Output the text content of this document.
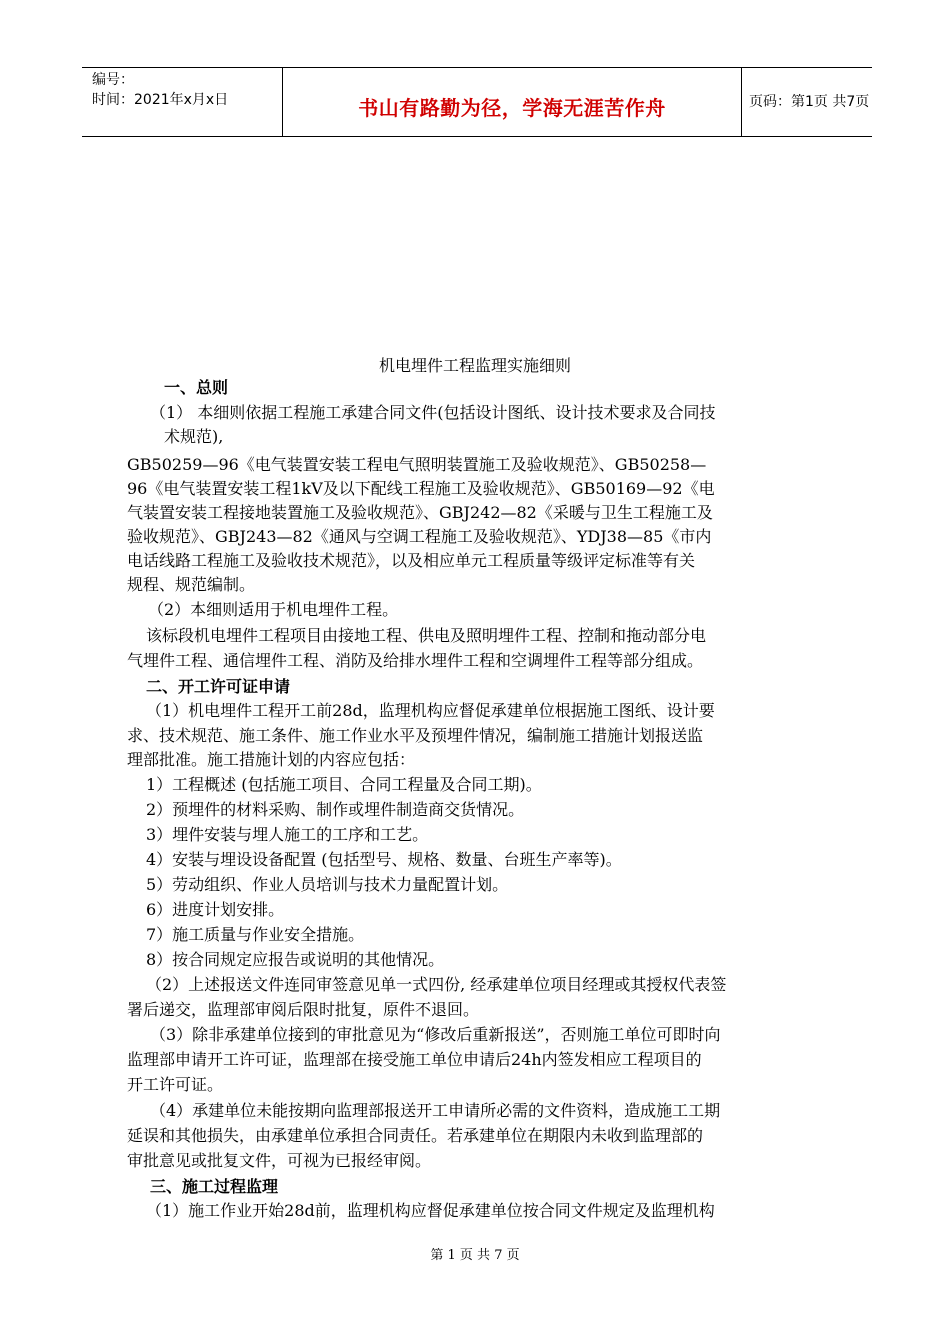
编号：
时间：2021年x月x日	书山有路勤为径，学海无涯苦作舟	页码：第1页 共7页
机电埋件工程监理实施细则
一、总则
（1） 本细则依据工程施工承建合同文件(包括设计图纸、设计技术要求及合同技
术规范),
GB50259—96《电气装置安装工程电气照明装置施工及验收规范》、GB50258—
96《电气装置安装工程1kV及以下配线工程施工及验收规范》、GB50169—92《电
气装置安装工程接地装置施工及验收规范》、GBJ242—82《采暖与卫生工程施工及
验收规范》、GBJ243—82《通风与空调工程施工及验收规范》、YDJ38—85《市内
电话线路工程施工及验收技术规范》，以及相应单元工程质量等级评定标准等有关
规程、规范编制。
（2）本细则适用于机电埋件工程。
该标段机电埋件工程项目由接地工程、供电及照明埋件工程、控制和拖动部分电
气埋件工程、通信埋件工程、消防及给排水埋件工程和空调埋件工程等部分组成。
二、开工许可证申请
（1）机电埋件工程开工前28d，监理机构应督促承建单位根据施工图纸、设计要
求、技术规范、施工条件、施工作业水平及预埋件情况，编制施工措施计划报送监
理部批准。施工措施计划的内容应包括：
1）工程概述 (包括施工项目、合同工程量及合同工期)。
2）预埋件的材料采购、制作或埋件制造商交货情况。
3）埋件安装与埋人施工的工序和工艺。
4）安装与埋设设备配置 (包括型号、规格、数量、台班生产率等)。
5）劳动组织、作业人员培训与技术力量配置计划。
6）进度计划安排。
7）施工质量与作业安全措施。
8）按合同规定应报告或说明的其他情况。
（2）上述报送文件连同审签意见单一式四份, 经承建单位项目经理或其授权代表签
署后递交，监理部审阅后限时批复，原件不退回。
（3）除非承建单位接到的审批意见为“修改后重新报送”，否则施工单位可即时向
监理部申请开工许可证，监理部在接受施工单位申请后24h内签发相应工程项目的
开工许可证。
（4）承建单位未能按期向监理部报送开工申请所必需的文件资料，造成施工工期
延误和其他损失，由承建单位承担合同责任。若承建单位在期限内未收到监理部的
审批意见或批复文件，可视为已报经审阅。
三、施工过程监理
（1）施工作业开始28d前，监理机构应督促承建单位按合同文件规定及监理机构
第 1 页 共 7 页
